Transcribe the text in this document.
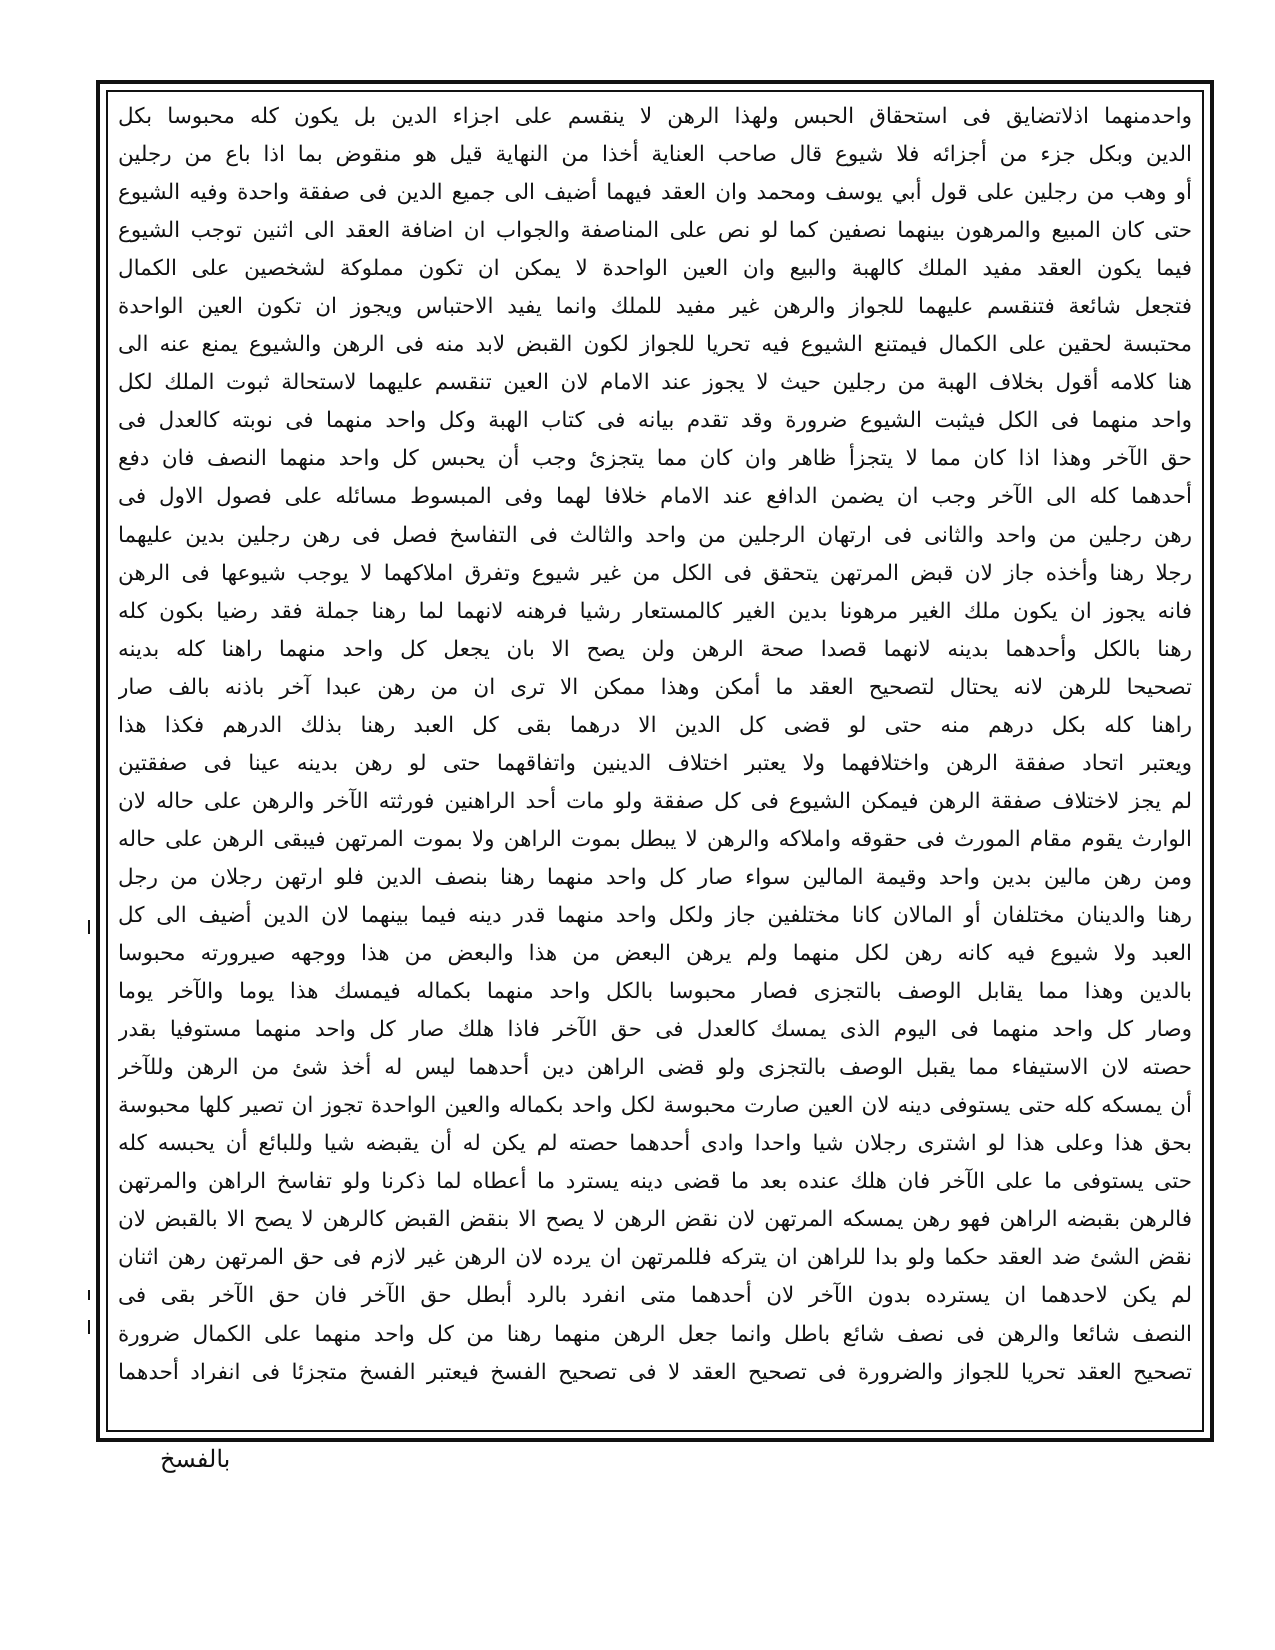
واحدمنهما اذلاتضايق فى استحقاق الحبس ولهذا الرهن لا ينقسم على اجزاء الدين بل يكون كله محبوسا بكل
الدين وبكل جزء من أجزائه فلا شيوع قال صاحب العناية أخذا من النهاية قيل هو منقوض بما اذا باع من رجلين
أو وهب من رجلين على قول أبي يوسف ومحمد وان العقد فيهما أضيف الى جميع الدين فى صفقة واحدة وفيه الشيوع
حتى كان المبيع والمرهون بينهما نصفين كما لو نص على المناصفة والجواب ان اضافة العقد الى اثنين توجب الشيوع
فيما يكون العقد مفيد الملك كالهبة والبيع وان العين الواحدة لا يمكن ان تكون مملوكة لشخصين على الكمال
فتجعل شائعة فتنقسم عليهما للجواز والرهن غير مفيد للملك وانما يفيد الاحتباس ويجوز ان تكون العين الواحدة
محتبسة لحقين على الكمال فيمتنع الشيوع فيه تحريا للجواز لكون القبض لابد منه فى الرهن والشيوع يمنع عنه الى
هنا كلامه أقول بخلاف الهبة من رجلين حيث لا يجوز عند الامام لان العين تنقسم عليهما لاستحالة ثبوت الملك لكل
واحد منهما فى الكل فيثبت الشيوع ضرورة وقد تقدم بيانه فى كتاب الهبة وكل واحد منهما فى نوبته كالعدل فى
حق الآخر وهذا اذا كان مما لا يتجزأ ظاهر وان كان مما يتجزئ وجب أن يحبس كل واحد منهما النصف فان دفع
أحدهما كله الى الآخر وجب ان يضمن الدافع عند الامام خلافا لهما وفى المبسوط مسائله على فصول الاول فى
رهن رجلين من واحد والثانى فى ارتهان الرجلين من واحد والثالث فى التفاسخ فصل فى رهن رجلين بدين عليهما
رجلا رهنا وأخذه جاز لان قبض المرتهن يتحقق فى الكل من غير شيوع وتفرق املاكهما لا يوجب شيوعها فى الرهن
فانه يجوز ان يكون ملك الغير مرهونا بدين الغير كالمستعار رشيا فرهنه لانهما لما رهنا جملة فقد رضيا بكون كله
رهنا بالكل وأحدهما بدينه لانهما قصدا صحة الرهن ولن يصح الا بان يجعل كل واحد منهما راهنا كله بدينه
تصحيحا للرهن لانه يحتال لتصحيح العقد ما أمكن وهذا ممكن الا ترى ان من رهن عبدا آخر باذنه بالف صار
راهنا كله بكل درهم منه حتى لو قضى كل الدين الا درهما بقى كل العبد رهنا بذلك الدرهم فكذا هذا
ويعتبر اتحاد صفقة الرهن واختلافهما ولا يعتبر اختلاف الدينين واتفاقهما حتى لو رهن بدينه عينا فى صفقتين
لم يجز لاختلاف صفقة الرهن فيمكن الشيوع فى كل صفقة ولو مات أحد الراهنين فورثته الآخر والرهن على حاله لان
الوارث يقوم مقام المورث فى حقوقه واملاكه والرهن لا يبطل بموت الراهن ولا بموت المرتهن فيبقى الرهن على حاله
ومن رهن مالين بدين واحد وقيمة المالين سواء صار كل واحد منهما رهنا بنصف الدين فلو ارتهن رجلان من رجل
رهنا والدينان مختلفان أو المالان كانا مختلفين جاز ولكل واحد منهما قدر دينه فيما بينهما لان الدين أضيف الى كل
العبد ولا شيوع فيه كانه رهن لكل منهما ولم يرهن البعض من هذا والبعض من هذا ووجهه صيرورته محبوسا
بالدين وهذا مما يقابل الوصف بالتجزى فصار محبوسا بالكل واحد منهما بكماله فيمسك هذا يوما والآخر يوما
وصار كل واحد منهما فى اليوم الذى يمسك كالعدل فى حق الآخر فاذا هلك صار كل واحد منهما مستوفيا بقدر
حصته لان الاستيفاء مما يقبل الوصف بالتجزى ولو قضى الراهن دين أحدهما ليس له أخذ شئ من الرهن وللآخر
أن يمسكه كله حتى يستوفى دينه لان العين صارت محبوسة لكل واحد بكماله والعين الواحدة تجوز ان تصير كلها محبوسة
بحق هذا وعلى هذا لو اشترى رجلان شيا واحدا وادى أحدهما حصته لم يكن له أن يقبضه شيا وللبائع أن يحبسه كله
حتى يستوفى ما على الآخر فان هلك عنده بعد ما قضى دينه يسترد ما أعطاه لما ذكرنا ولو تفاسخ الراهن والمرتهن
فالرهن بقبضه الراهن فهو رهن يمسكه المرتهن لان نقض الرهن لا يصح الا بنقض القبض كالرهن لا يصح الا بالقبض لان
نقض الشئ ضد العقد حكما ولو بدا للراهن ان يتركه فللمرتهن ان يرده لان الرهن غير لازم فى حق المرتهن رهن اثنان
لم يكن لاحدهما ان يسترده بدون الآخر لان أحدهما متى انفرد بالرد أبطل حق الآخر فان حق الآخر بقى فى
النصف شائعا والرهن فى نصف شائع باطل وانما جعل الرهن منهما رهنا من كل واحد منهما على الكمال ضرورة
تصحيح العقد تحريا للجواز والضرورة فى تصحيح العقد لا فى تصحيح الفسخ فيعتبر الفسخ متجزئا فى انفراد أحدهما
بالفسخ
